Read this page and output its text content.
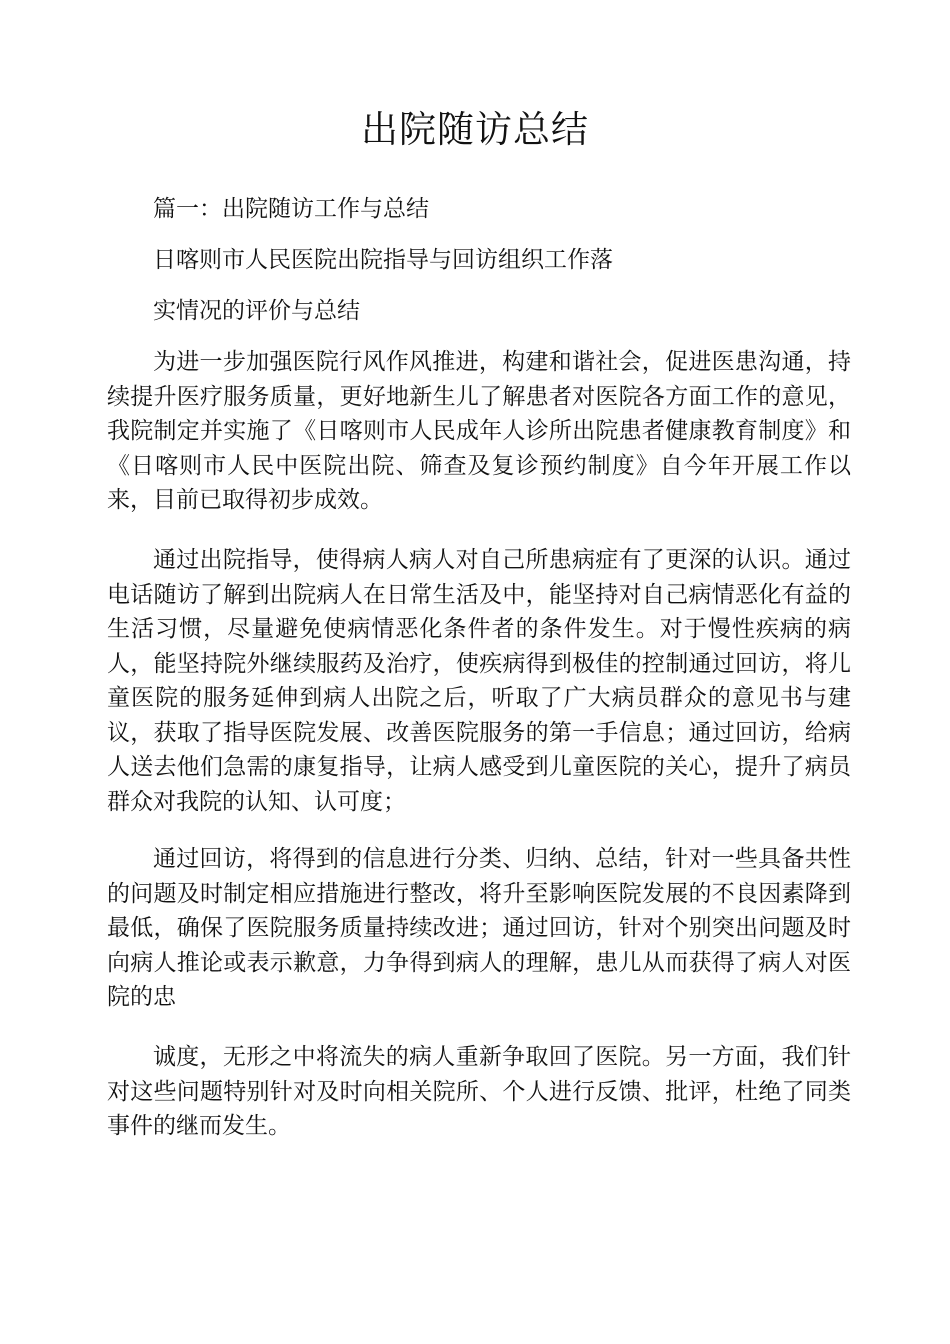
出院随访总结

篇一：出院随访工作与总结

日喀则市人民医院出院指导与回访组织工作落

实情况的评价与总结

为进一步加强医院行风作风推进，构建和谐社会，促进医患沟通，持续提升医疗服务质量，更好地新生儿了解患者对医院各方面工作的意见，我院制定并实施了《日喀则市人民成年人诊所出院患者健康教育制度》和《日喀则市人民中医院出院、筛查及复诊预约制度》自今年开展工作以来，目前已取得初步成效。

通过出院指导，使得病人病人对自己所患病症有了更深的认识。通过电话随访了解到出院病人在日常生活及中，能坚持对自己病情恶化有益的生活习惯，尽量避免使病情恶化条件者的条件发生。对于慢性疾病的病人，能坚持院外继续服药及治疗，使疾病得到极佳的控制通过回访，将儿童医院的服务延伸到病人出院之后，听取了广大病员群众的意见书与建议，获取了指导医院发展、改善医院服务的第一手信息；通过回访，给病人送去他们急需的康复指导，让病人感受到儿童医院的关心，提升了病员群众对我院的认知、认可度；

通过回访，将得到的信息进行分类、归纳、总结，针对一些具备共性的问题及时制定相应措施进行整改，将升至影响医院发展的不良因素降到最低，确保了医院服务质量持续改进；通过回访，针对个别突出问题及时向病人推论或表示歉意，力争得到病人的理解，患儿从而获得了病人对医院的忠

诚度，无形之中将流失的病人重新争取回了医院。另一方面，我们针对这些问题特别针对及时向相关院所、个人进行反馈、批评，杜绝了同类事件的继而发生。
